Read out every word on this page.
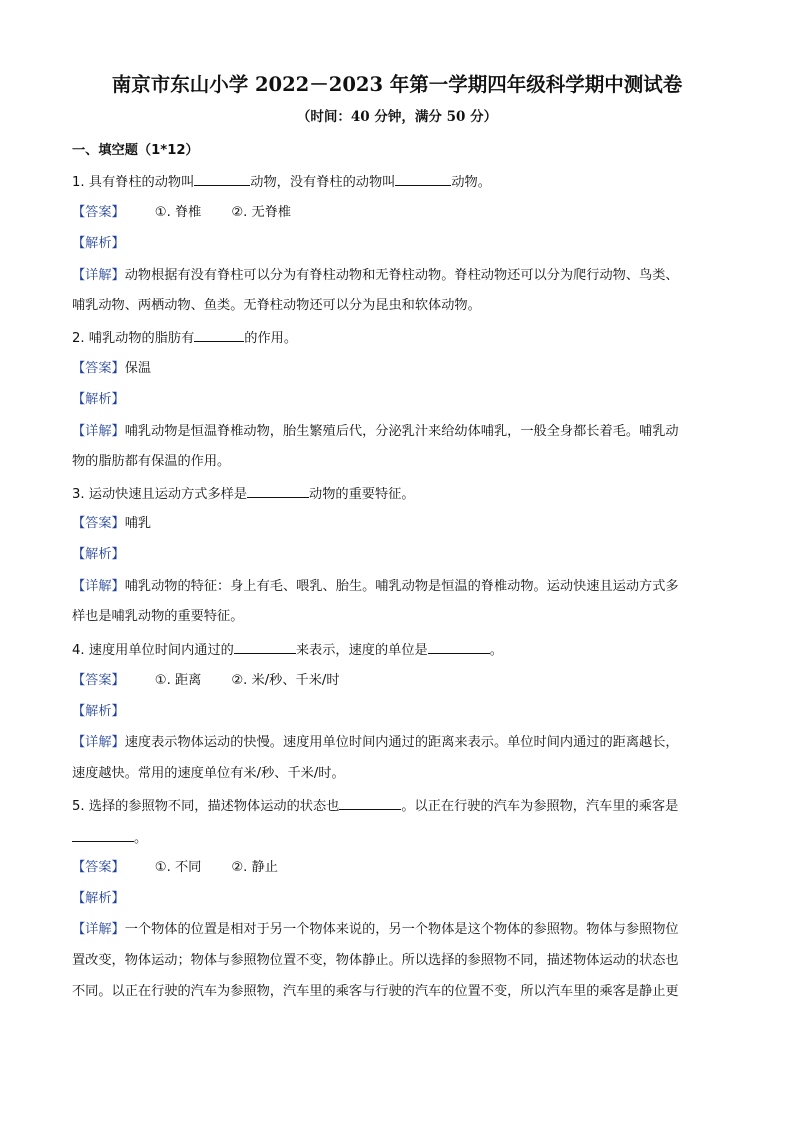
南京市东山小学 2022－2023 年第一学期四年级科学期中测试卷
（时间：40 分钟，满分 50 分）
一、填空题（1*12）
1. 具有脊柱的动物叫	动物，没有脊柱的动物叫	动物。
【答案】 ①. 脊椎 ②. 无脊椎
【解析】
【详解】动物根据有没有脊柱可以分为有脊柱动物和无脊柱动物。脊柱动物还可以分为爬行动物、鸟类、
哺乳动物、两栖动物、鱼类。无脊柱动物还可以分为昆虫和软体动物。
2. 哺乳动物的脂肪有	的作用。
【答案】保温
【解析】
【详解】哺乳动物是恒温脊椎动物，胎生繁殖后代，分泌乳汁来给幼体哺乳，一般全身都长着毛。哺乳动
物的脂肪都有保温的作用。
3. 运动快速且运动方式多样是	动物的重要特征。
【答案】哺乳
【解析】
【详解】哺乳动物的特征：身上有毛、喂乳、胎生。哺乳动物是恒温的脊椎动物。运动快速且运动方式多
样也是哺乳动物的重要特征。
4. 速度用单位时间内通过的	来表示，速度的单位是	。
【答案】 ①. 距离 ②. 米/秒、千米/时
【解析】
【详解】速度表示物体运动的快慢。速度用单位时间内通过的距离来表示。单位时间内通过的距离越长，
速度越快。常用的速度单位有米/秒、千米/时。
5. 选择的参照物不同，描述物体运动的状态也	。以正在行驶的汽车为参照物，汽车里的乘客是
。
【答案】 ①. 不同 ②. 静止
【解析】
【详解】一个物体的位置是相对于另一个物体来说的，另一个物体是这个物体的参照物。物体与参照物位
置改变，物体运动；物体与参照物位置不变，物体静止。所以选择的参照物不同，描述物体运动的状态也
不同。以正在行驶的汽车为参照物，汽车里的乘客与行驶的汽车的位置不变，所以汽车里的乘客是静止更
